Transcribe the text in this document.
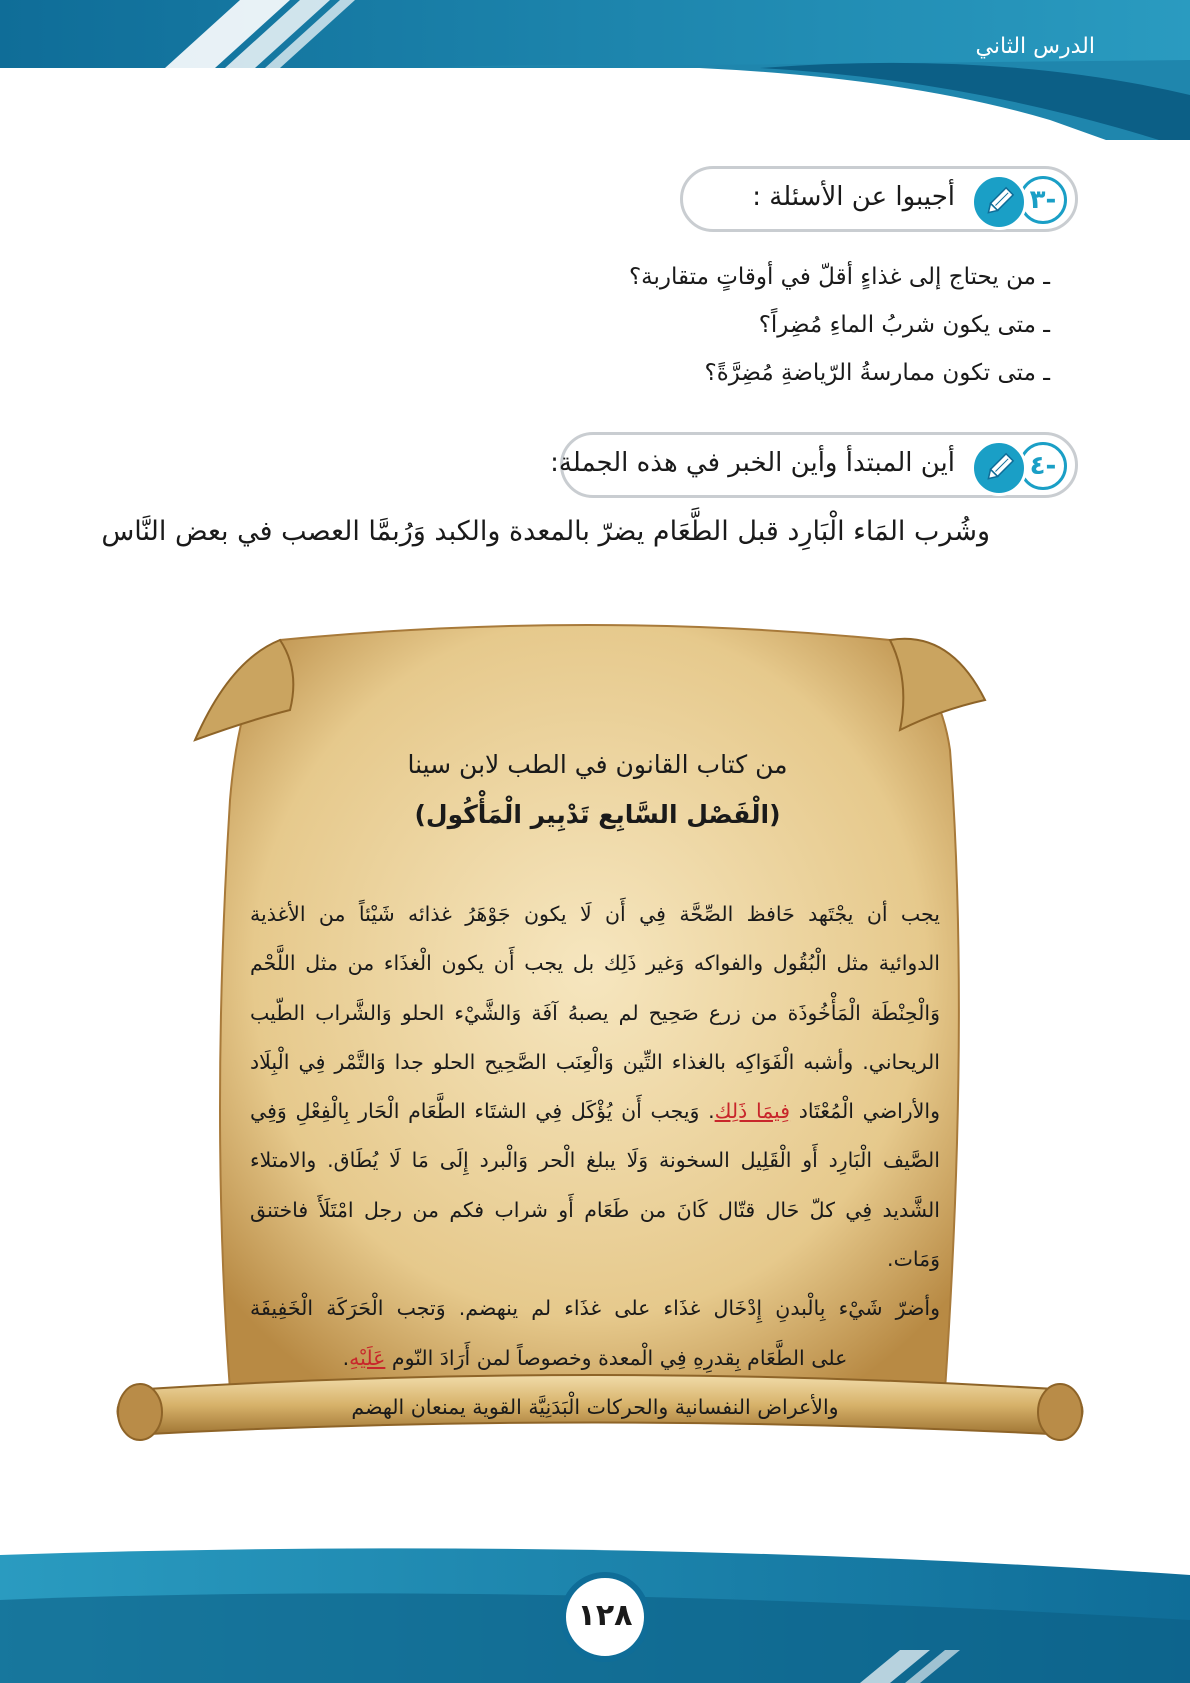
الدرس الثاني
٣-
أجيبوا عن الأسئلة :
ـ من يحتاج إلى غذاءٍ أقلّ في أوقاتٍ متقاربة؟
ـ متى يكون شربُ الماءِ مُضِراً؟
ـ متى تكون ممارسةُ الرّياضةِ مُضِرَّةً؟
٤-
أين المبتدأ وأين الخبر في هذه الجملة:
وشُرب المَاء الْبَارِد قبل الطَّعَام يضرّ بالمعدة والكبد وَرُبمَّا العصب في بعض النَّاس
من كتاب القانون في الطب لابن سينا
(الْفَصْل السَّابِع تَدْبِير الْمَأْكُول)
يجب أن يجْتَهد حَافظ الصِّحَّة فِي أَن لَا يكون جَوْهَرُ غذائه شَيْئاً من الأغذية
الدوائية مثل الْبُقُول والفواكه وَغير ذَلِك بل يجب أَن يكون الْغذَاء من مثل اللَّحْم
وَالْحِنْطَة الْمَأْخُوذَة من زرع صَحِيح لم يصبهُ آفَة وَالشَّيْء الحلو وَالشَّراب الطّيب
الريحاني. وأشبه الْفَوَاكِه بالغذاء التِّين وَالْعِنَب الصَّحِيح الحلو جدا وَالتَّمْر فِي الْبِلَاد
والأراضي الْمُعْتَاد فِيمَا ذَلِك. وَيجب أَن يُؤْكَل فِي الشتَاء الطَّعَام الْحَار بِالْفِعْلِ وَفِي
الصَّيف الْبَارِد أَو الْقَلِيل السخونة وَلَا يبلغ الْحر وَالْبرد إِلَى مَا لَا يُطَاق. والامتلاء
الشَّديد فِي كلّ حَال قتّال كَانَ من طَعَام أَو شراب فكم من رجل امْتَلَأَ فاختنق وَمَات.
وأضرّ شَيْء بِالْبدنِ إِدْخَال غذَاء على غذَاء لم ينهضم. وَتجب الْحَرَكَة الْخَفِيفَة
على الطَّعَام بِقدرِهِ فِي الْمعدة وخصوصاً لمن أَرَادَ النّوم عَلَيْهِ.
والأعراض النفسانية والحركات الْبَدَنِيَّة القوية يمنعان الهضم
١٢٨
